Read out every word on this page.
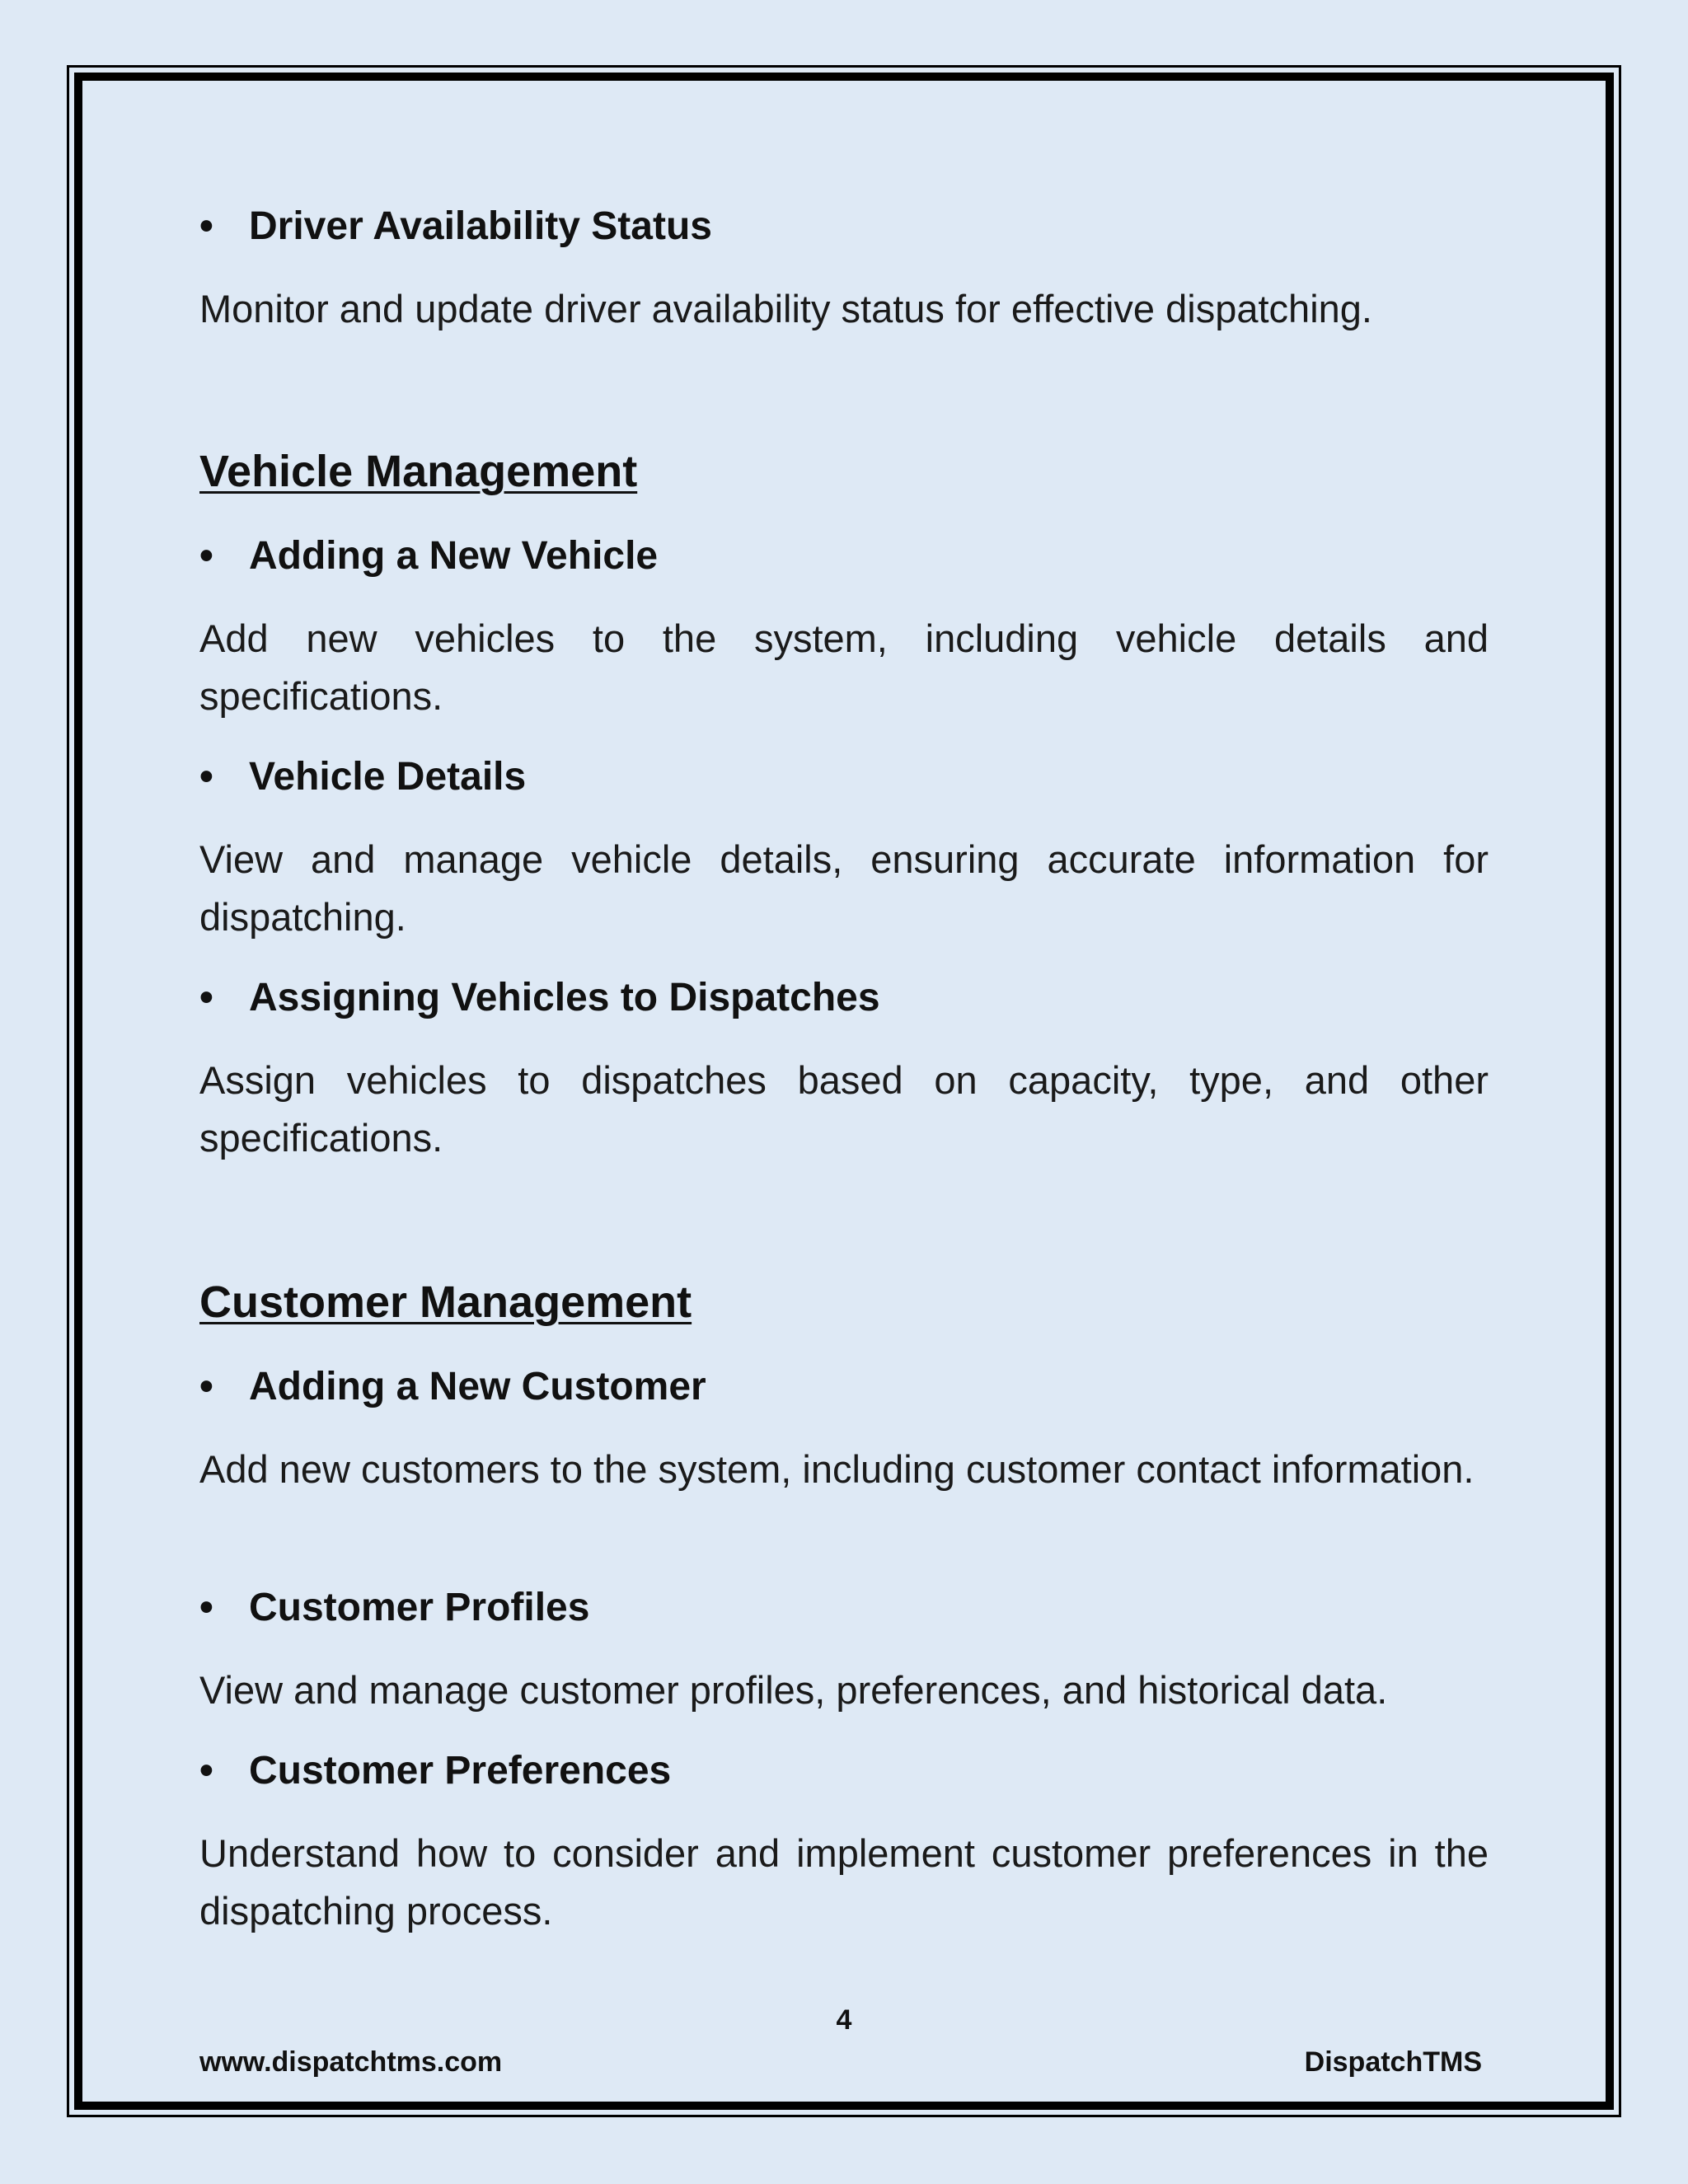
• Driver Availability Status
Monitor and update driver availability status for effective dispatching.
Vehicle Management
• Adding a New Vehicle
Add new vehicles to the system, including vehicle details and specifications.
• Vehicle Details
View and manage vehicle details, ensuring accurate information for dispatching.
• Assigning Vehicles to Dispatches
Assign vehicles to dispatches based on capacity, type, and other specifications.
Customer Management
• Adding a New Customer
Add new customers to the system, including customer contact information.
• Customer Profiles
View and manage customer profiles, preferences, and historical data.
• Customer Preferences
Understand how to consider and implement customer preferences in the dispatching process.
4
www.dispatchtms.com	DispatchTMS
